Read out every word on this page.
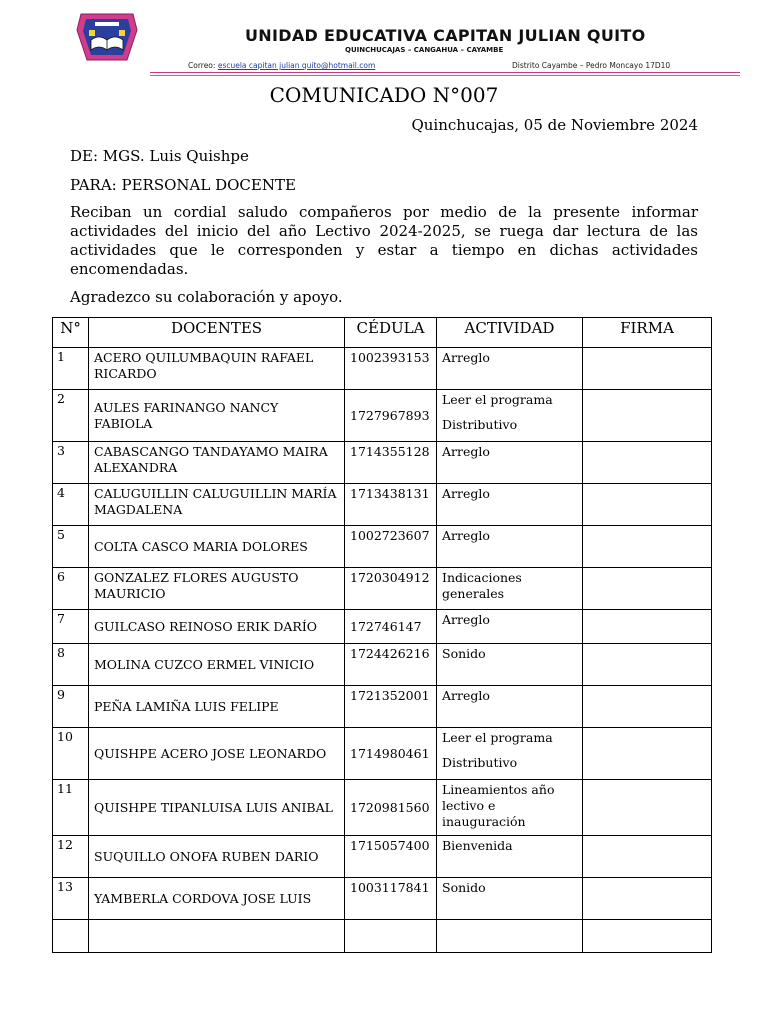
UNIDAD EDUCATIVA CAPITAN JULIAN QUITO
QUINCHUCAJAS – CANGAHUA – CAYAMBE
Correo: escuela capitan julian quito@hotmail.com	Distrito Cayambe – Pedro Moncayo 17D10
COMUNICADO N°007
Quinchucajas, 05 de Noviembre 2024
DE: MGS. Luis Quishpe
PARA: PERSONAL DOCENTE

Reciban un cordial saludo compañeros por medio de la presente informar actividades del inicio del año Lectivo 2024-2025, se ruega dar lectura de las actividades que le corresponden y estar a tiempo en dichas actividades encomendadas.

Agradezco su colaboración y apoyo.
N°	DOCENTES	CÉDULA	ACTIVIDAD	FIRMA
1	ACERO QUILUMBAQUIN RAFAEL RICARDO	1002393153	Arreglo	
2	AULES FARINANGO NANCY FABIOLA	1727967893	Leer el programa
Distributivo	

3	CABASCANGO TANDAYAMO MAIRA ALEXANDRA	1714355128	Arreglo	
4	CALUGUILLIN CALUGUILLIN MARÍA MAGDALENA	1713438131	Arreglo	
5	COLTA CASCO MARIA DOLORES	1002723607	Arreglo	
6	GONZALEZ FLORES AUGUSTO MAURICIO	1720304912	Indicaciones generales	
7	GUILCASO REINOSO ERIK DARÍO	172746147	Arreglo	
8	MOLINA CUZCO ERMEL VINICIO	1724426216	Sonido	
9	PEÑA LAMIÑA LUIS FELIPE	1721352001	Arreglo	
10	QUISHPE ACERO JOSE LEONARDO	1714980461	Leer el programa
Distributivo	

11	QUISHPE TIPANLUISA LUIS ANIBAL	1720981560	Lineamientos año lectivo e inauguración	
12	SUQUILLO ONOFA RUBEN DARIO	1715057400	Bienvenida	
13	YAMBERLA CORDOVA JOSE LUIS	1003117841	Sonido	
